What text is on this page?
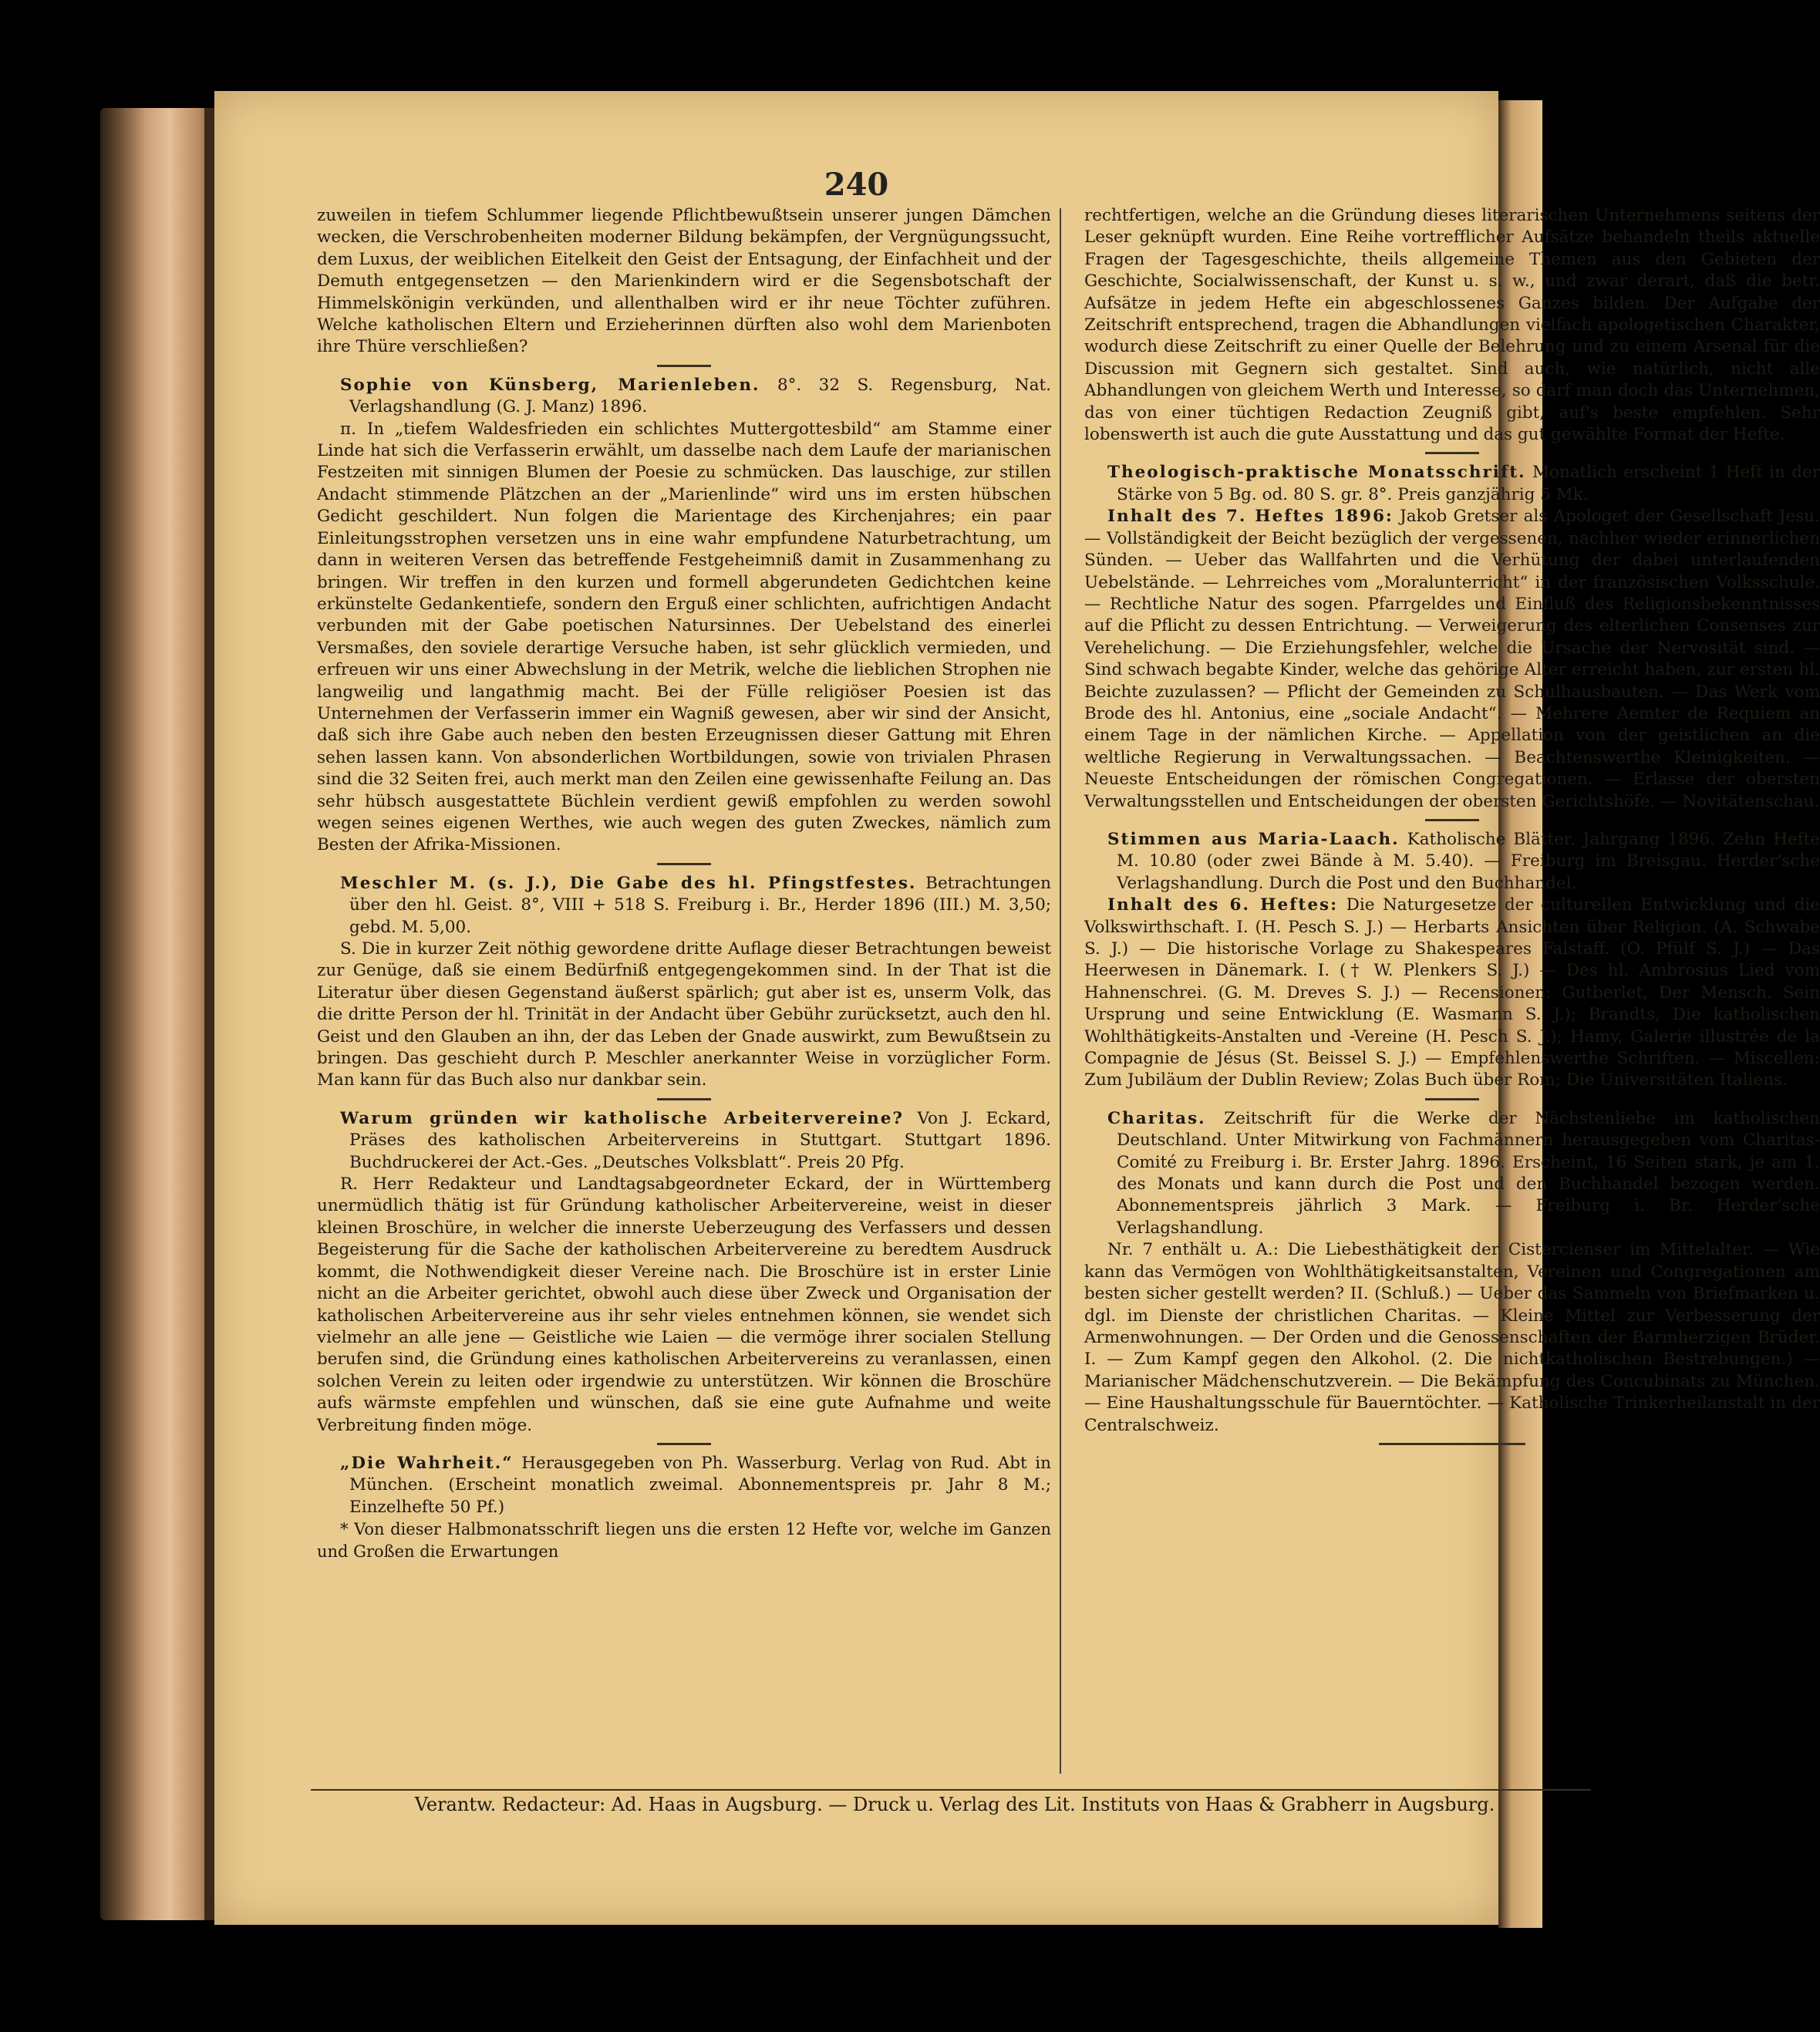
240

zuweilen in tiefem Schlummer liegende Pflichtbewußtsein unserer jungen Dämchen wecken, die Verschrobenheiten moderner Bildung bekämpfen, der Vergnügungssucht, dem Luxus, der weiblichen Eitelkeit den Geist der Entsagung, der Einfachheit und der Demuth entgegensetzen — den Marienkindern wird er die Segensbotschaft der Himmelskönigin verkünden, und allenthalben wird er ihr neue Töchter zuführen. Welche katholischen Eltern und Erzieherinnen dürften also wohl dem Marienboten ihre Thüre verschließen?

Sophie von Künsberg, Marienleben. 8°. 32 S. Regensburg, Nat. Verlagshandlung (G. J. Manz) 1896.

π. In „tiefem Waldesfrieden ein schlichtes Muttergottesbild“ am Stamme einer Linde hat sich die Verfasserin erwählt, um dasselbe nach dem Laufe der marianischen Festzeiten mit sinnigen Blumen der Poesie zu schmücken. Das lauschige, zur stillen Andacht stimmende Plätzchen an der „Marienlinde“ wird uns im ersten hübschen Gedicht geschildert. Nun folgen die Marientage des Kirchenjahres; ein paar Einleitungsstrophen versetzen uns in eine wahr empfundene Naturbetrachtung, um dann in weiteren Versen das betreffende Festgeheimniß damit in Zusammenhang zu bringen. Wir treffen in den kurzen und formell abgerundeten Gedichtchen keine erkünstelte Gedankentiefe, sondern den Erguß einer schlichten, aufrichtigen Andacht verbunden mit der Gabe poetischen Natursinnes. Der Uebelstand des einerlei Versmaßes, den soviele derartige Versuche haben, ist sehr glücklich vermieden, und erfreuen wir uns einer Abwechslung in der Metrik, welche die lieblichen Strophen nie langweilig und langathmig macht. Bei der Fülle religiöser Poesien ist das Unternehmen der Verfasserin immer ein Wagniß gewesen, aber wir sind der Ansicht, daß sich ihre Gabe auch neben den besten Erzeugnissen dieser Gattung mit Ehren sehen lassen kann. Von absonderlichen Wortbildungen, sowie von trivialen Phrasen sind die 32 Seiten frei, auch merkt man den Zeilen eine gewissenhafte Feilung an. Das sehr hübsch ausgestattete Büchlein verdient gewiß empfohlen zu werden sowohl wegen seines eigenen Werthes, wie auch wegen des guten Zweckes, nämlich zum Besten der Afrika-Missionen.

Meschler M. (s. J.), Die Gabe des hl. Pfingstfestes. Betrachtungen über den hl. Geist. 8°, VIII + 518 S. Freiburg i. Br., Herder 1896 (III.) M. 3,50; gebd. M. 5,00.

S. Die in kurzer Zeit nöthig gewordene dritte Auflage dieser Betrachtungen beweist zur Genüge, daß sie einem Bedürfniß entgegengekommen sind. In der That ist die Literatur über diesen Gegenstand äußerst spärlich; gut aber ist es, unserm Volk, das die dritte Person der hl. Trinität in der Andacht über Gebühr zurücksetzt, auch den hl. Geist und den Glauben an ihn, der das Leben der Gnade auswirkt, zum Bewußtsein zu bringen. Das geschieht durch P. Meschler anerkannter Weise in vorzüglicher Form. Man kann für das Buch also nur dankbar sein.

Warum gründen wir katholische Arbeitervereine? Von J. Eckard, Präses des katholischen Arbeitervereins in Stuttgart. Stuttgart 1896. Buchdruckerei der Act.-Ges. „Deutsches Volksblatt“. Preis 20 Pfg.

R. Herr Redakteur und Landtagsabgeordneter Eckard, der in Württemberg unermüdlich thätig ist für Gründung katholischer Arbeitervereine, weist in dieser kleinen Broschüre, in welcher die innerste Ueberzeugung des Verfassers und dessen Begeisterung für die Sache der katholischen Arbeitervereine zu beredtem Ausdruck kommt, die Nothwendigkeit dieser Vereine nach. Die Broschüre ist in erster Linie nicht an die Arbeiter gerichtet, obwohl auch diese über Zweck und Organisation der katholischen Arbeitervereine aus ihr sehr vieles entnehmen können, sie wendet sich vielmehr an alle jene — Geistliche wie Laien — die vermöge ihrer socialen Stellung berufen sind, die Gründung eines katholischen Arbeitervereins zu veranlassen, einen solchen Verein zu leiten oder irgendwie zu unterstützen. Wir können die Broschüre aufs wärmste empfehlen und wünschen, daß sie eine gute Aufnahme und weite Verbreitung finden möge.

„Die Wahrheit.“ Herausgegeben von Ph. Wasserburg. Verlag von Rud. Abt in München. (Erscheint monatlich zweimal. Abonnementspreis pr. Jahr 8 M.; Einzelhefte 50 Pf.)

* Von dieser Halbmonatsschrift liegen uns die ersten 12 Hefte vor, welche im Ganzen und Großen die Erwartungen

rechtfertigen, welche an die Gründung dieses literarischen Unternehmens seitens der Leser geknüpft wurden. Eine Reihe vortrefflicher Aufsätze behandeln theils aktuelle Fragen der Tagesgeschichte, theils allgemeine Themen aus den Gebieten der Geschichte, Socialwissenschaft, der Kunst u. s. w., und zwar derart, daß die betr. Aufsätze in jedem Hefte ein abgeschlossenes Ganzes bilden. Der Aufgabe der Zeitschrift entsprechend, tragen die Abhandlungen vielfach apologetischen Charakter, wodurch diese Zeitschrift zu einer Quelle der Belehrung und zu einem Arsenal für die Discussion mit Gegnern sich gestaltet. Sind auch, wie natürlich, nicht alle Abhandlungen von gleichem Werth und Interesse, so darf man doch das Unternehmen, das von einer tüchtigen Redaction Zeugniß gibt, auf's beste empfehlen. Sehr lobenswerth ist auch die gute Ausstattung und das gut gewählte Format der Hefte.

Theologisch-praktische Monatsschrift. Monatlich erscheint 1 Heft in der Stärke von 5 Bg. od. 80 S. gr. 8°. Preis ganzjährig 5 Mk.

Inhalt des 7. Heftes 1896: Jakob Gretser als Apologet der Gesellschaft Jesu. — Vollständigkeit der Beicht bezüglich der vergessenen, nachher wieder erinnerlichen Sünden. — Ueber das Wallfahrten und die Verhütung der dabei unterlaufenden Uebelstände. — Lehrreiches vom „Moralunterricht“ in der französischen Volksschule. — Rechtliche Natur des sogen. Pfarrgeldes und Einfluß des Religionsbekenntnisses auf die Pflicht zu dessen Entrichtung. — Verweigerung des elterlichen Consenses zur Verehelichung. — Die Erziehungsfehler, welche die Ursache der Nervosität sind. — Sind schwach begabte Kinder, welche das gehörige Alter erreicht haben, zur ersten hl. Beichte zuzulassen? — Pflicht der Gemeinden zu Schulhausbauten. — Das Werk vom Brode des hl. Antonius, eine „sociale Andacht“. — Mehrere Aemter de Requiem an einem Tage in der nämlichen Kirche. — Appellation von der geistlichen an die weltliche Regierung in Verwaltungssachen. — Beachtenswerthe Kleinigkeiten. — Neueste Entscheidungen der römischen Congregationen. — Erlasse der obersten Verwaltungsstellen und Entscheidungen der obersten Gerichtshöfe. — Novitätenschau.

Stimmen aus Maria-Laach. Katholische Blätter. Jahrgang 1896. Zehn Hefte M. 10.80 (oder zwei Bände à M. 5.40). — Freiburg im Breisgau. Herder'sche Verlagshandlung. Durch die Post und den Buchhandel.

Inhalt des 6. Heftes: Die Naturgesetze der culturellen Entwicklung und die Volkswirthschaft. I. (H. Pesch S. J.) — Herbarts Ansichten über Religion. (A. Schwabe S. J.) — Die historische Vorlage zu Shakespeares Falstaff. (O. Pfülf S. J.) — Das Heerwesen in Dänemark. I. († W. Plenkers S. J.) — Des hl. Ambrosius Lied vom Hahnenschrei. (G. M. Dreves S. J.) — Recensionen: Gutberlet, Der Mensch. Sein Ursprung und seine Entwicklung (E. Wasmann S. J.); Brandts, Die katholischen Wohlthätigkeits-Anstalten und -Vereine (H. Pesch S. J.); Hamy, Galerie illustrée de la Compagnie de Jésus (St. Beissel S. J.) — Empfehlenswerthe Schriften. — Miscellen: Zum Jubiläum der Dublin Review; Zolas Buch über Rom; Die Universitäten Italiens.

Charitas. Zeitschrift für die Werke der Nächstenliebe im katholischen Deutschland. Unter Mitwirkung von Fachmännern herausgegeben vom Charitas-Comité zu Freiburg i. Br. Erster Jahrg. 1896. Erscheint, 16 Seiten stark, je am 1. des Monats und kann durch die Post und den Buchhandel bezogen werden. Abonnementspreis jährlich 3 Mark. — Freiburg i. Br. Herder'sche Verlagshandlung.

Nr. 7 enthält u. A.: Die Liebesthätigkeit der Cistercienser im Mittelalter. — Wie kann das Vermögen von Wohlthätigkeitsanstalten, Vereinen und Congregationen am besten sicher gestellt werden? II. (Schluß.) — Ueber das Sammeln von Briefmarken u. dgl. im Dienste der christlichen Charitas. — Kleine Mittel zur Verbesserung der Armenwohnungen. — Der Orden und die Genossenschaften der Barmherzigen Brüder. I. — Zum Kampf gegen den Alkohol. (2. Die nichtkatholischen Bestrebungen.) — Marianischer Mädchenschutzverein. — Die Bekämpfung des Concubinats zu München. — Eine Haushaltungsschule für Bauerntöchter. — Katholische Trinkerheilanstalt in der Centralschweiz.

Verantw. Redacteur: Ad. Haas in Augsburg. — Druck u. Verlag des Lit. Instituts von Haas & Grabherr in Augsburg.
